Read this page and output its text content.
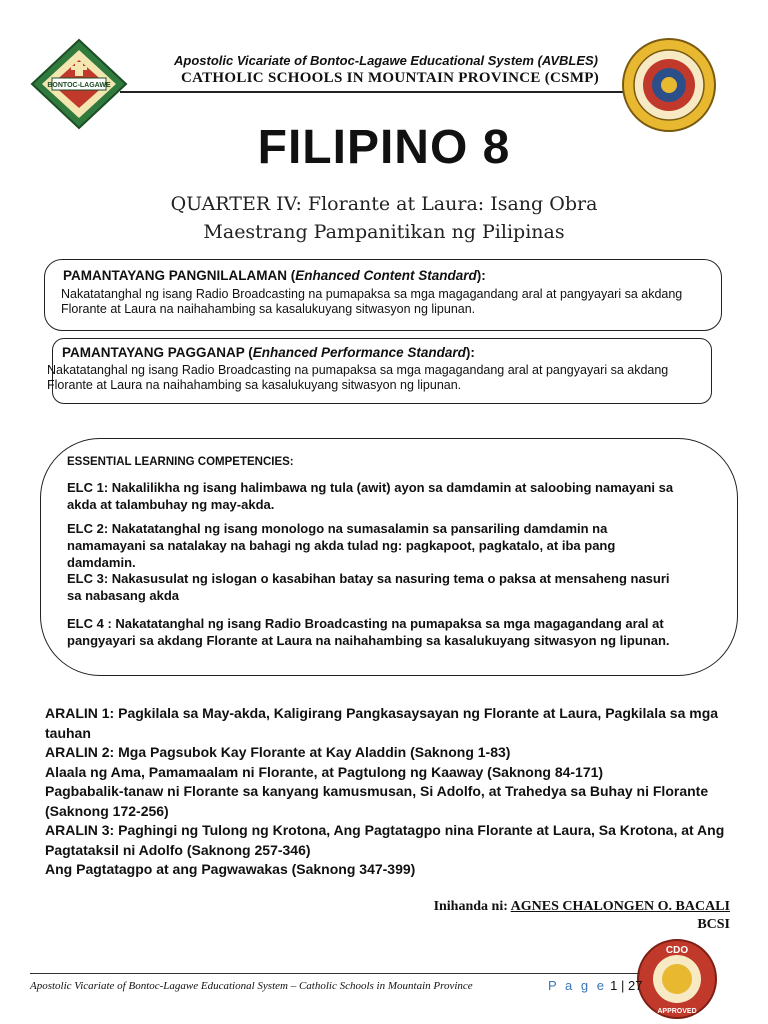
BONTOC-LAGAWE
Apostolic Vicariate of Bontoc-Lagawe Educational System (AVBLES)
CATHOLIC SCHOOLS IN MOUNTAIN PROVINCE (CSMP)
FILIPINO 8
QUARTER IV: Florante at Laura: Isang Obra
Maestrang Pampanitikan ng Pilipinas
PAMANTAYANG PANGNILALAMAN (Enhanced Content Standard):
Nakatatanghal ng isang Radio Broadcasting na pumapaksa sa mga magagandang aral at pangyayari sa akdang Florante at Laura na naihahambing sa kasalukuyang sitwasyon ng lipunan.
PAMANTAYANG PAGGANAP (Enhanced Performance Standard):
Nakatatanghal ng isang Radio Broadcasting na pumapaksa sa mga magagandang aral at pangyayari sa akdang Florante at Laura na naihahambing sa kasalukuyang sitwasyon ng lipunan.
ESSENTIAL LEARNING COMPETENCIES:
ELC 1: Nakalilikha ng isang halimbawa ng tula (awit) ayon sa damdamin at saloobing namayani sa akda at talambuhay ng may-akda.
ELC 2: Nakatatanghal ng isang monologo na sumasalamin sa pansariling damdamin na namamayani sa natalakay na bahagi ng akda tulad ng: pagkapoot, pagkatalo, at iba pang damdamin.
ELC 3: Nakasusulat ng islogan o kasabihan batay sa nasuring tema o paksa at mensaheng nasuri sa nabasang akda
ELC 4 : Nakatatanghal ng isang Radio Broadcasting na pumapaksa sa mga magagandang aral at pangyayari sa akdang Florante at Laura na naihahambing sa kasalukuyang sitwasyon ng lipunan.

ARALIN 1: Pagkilala sa May-akda, Kaligirang Pangkasaysayan ng Florante at Laura, Pagkilala sa mga tauhan

ARALIN 2: Mga Pagsubok Kay Florante at Kay Aladdin (Saknong 1-83)

Alaala ng Ama, Pamamaalam ni Florante, at Pagtulong ng Kaaway (Saknong 84-171)

Pagbabalik-tanaw ni Florante sa kanyang kamusmusan, Si Adolfo, at Trahedya sa Buhay ni Florante (Saknong 172-256)

ARALIN 3: Paghingi ng Tulong ng Krotona, Ang Pagtatagpo nina Florante at Laura, Sa Krotona, at Ang Pagtataksil ni Adolfo (Saknong 257-346)

Ang Pagtatagpo at ang Pagwawakas (Saknong 347-399)

Inihanda ni: AGNES CHALONGEN O. BACALI
BCSI
CDO
APPROVED
Apostolic Vicariate of Bontoc-Lagawe Educational System – Catholic Schools in Mountain Province	P a g e 1 | 27
